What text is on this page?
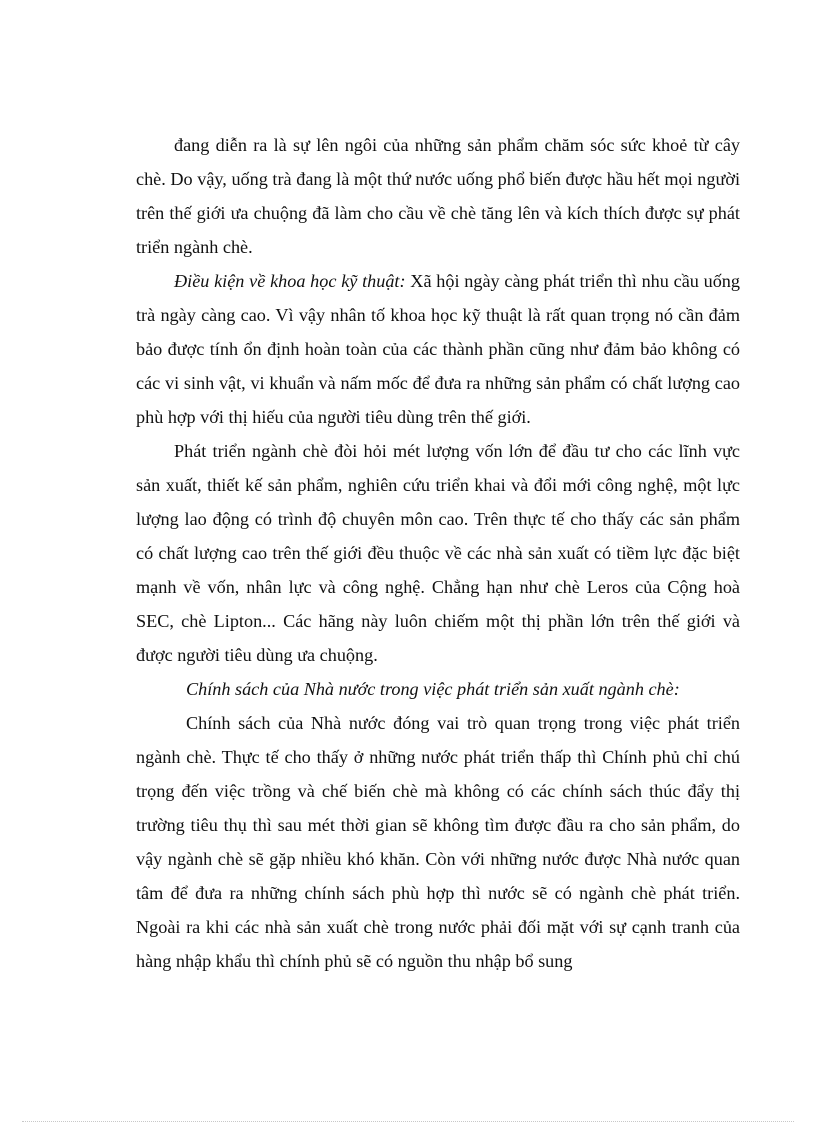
đang diễn ra là sự lên ngôi của những sản phẩm chăm sóc sức khoẻ từ cây chè. Do vậy, uống trà đang là một thứ nước uống phổ biến được hầu hết mọi người trên thế giới ưa chuộng đã làm cho cầu về chè tăng lên và kích thích được sự phát triển ngành chè.

Điều kiện về khoa học kỹ thuật: Xã hội ngày càng phát triển thì nhu cầu uống trà ngày càng cao. Vì vậy nhân tố khoa học kỹ thuật là rất quan trọng nó cần đảm bảo được tính ổn định hoàn toàn của các thành phần cũng như đảm bảo không có các vi sinh vật, vi khuẩn và nấm mốc để đưa ra những sản phẩm có chất lượng cao phù hợp với thị hiếu của người tiêu dùng trên thế giới.

Phát triển ngành chè đòi hỏi mét lượng vốn lớn để đầu tư cho các lĩnh vực sản xuất, thiết kế sản phẩm, nghiên cứu triển khai và đổi mới công nghệ, một lực lượng lao động có trình độ chuyên môn cao. Trên thực tế cho thấy các sản phẩm có chất lượng cao trên thế giới đều thuộc về các nhà sản xuất có tiềm lực đặc biệt mạnh về vốn, nhân lực và công nghệ. Chẳng hạn như chè Leros của Cộng hoà SEC, chè Lipton... Các hãng này luôn chiếm một thị phần lớn trên thế giới và được người tiêu dùng ưa chuộng.

Chính sách của Nhà nước trong việc phát triển sản xuất ngành chè:

Chính sách của Nhà nước đóng vai trò quan trọng trong việc phát triển ngành chè. Thực tế cho thấy ở những nước phát triển thấp thì Chính phủ chỉ chú trọng đến việc trồng và chế biến chè mà không có các chính sách thúc đẩy thị trường tiêu thụ thì sau mét thời gian sẽ không tìm được đầu ra cho sản phẩm, do vậy ngành chè sẽ gặp nhiều khó khăn. Còn với những nước được Nhà nước quan tâm để đưa ra những chính sách phù hợp thì nước sẽ có ngành chè phát triển. Ngoài ra khi các nhà sản xuất chè trong nước phải đối mặt với sự cạnh tranh của hàng nhập khẩu thì chính phủ sẽ có nguồn thu nhập bổ sung
